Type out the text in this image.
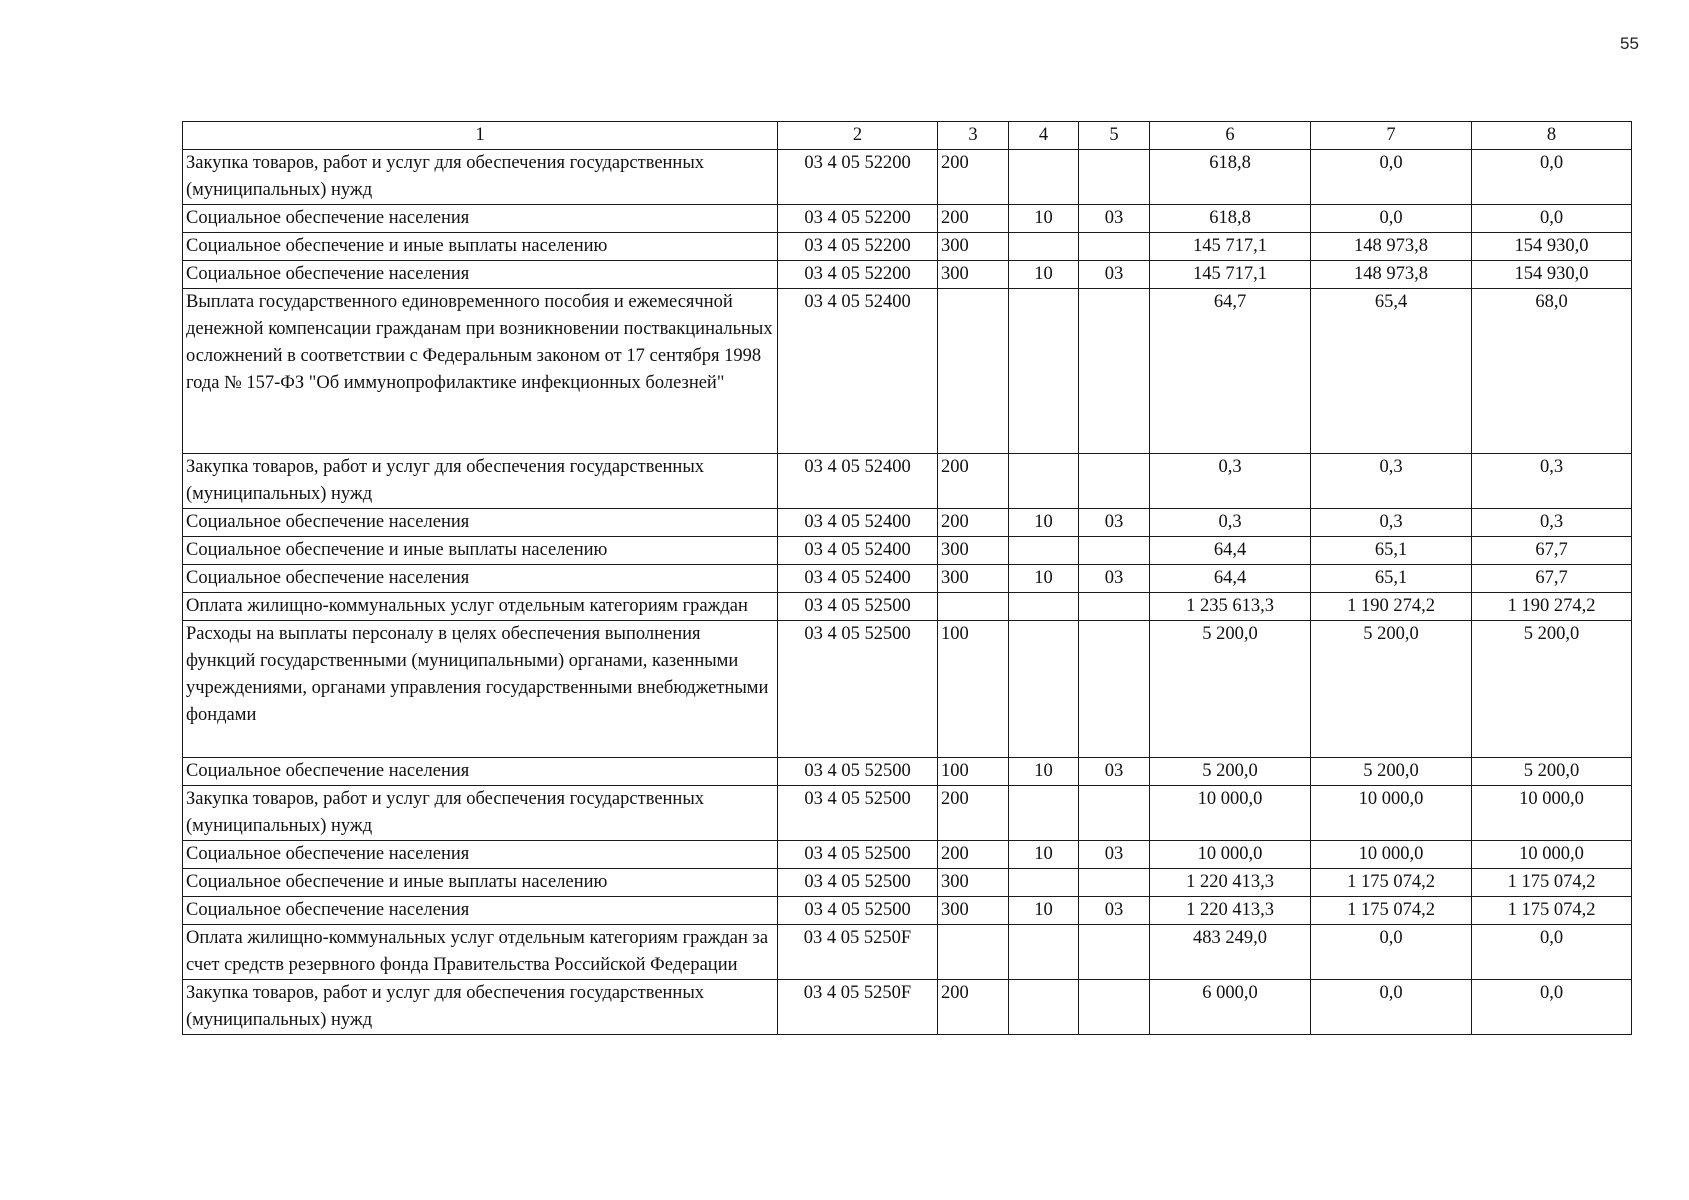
55
1	2	3	4	5	6	7	8
Закупка товаров, работ и услуг для обеспечения государственных (муниципальных) нужд	03 4 05 52200	200			618,8	0,0	0,0
Социальное обеспечение населения	03 4 05 52200	200	10	03	618,8	0,0	0,0
Социальное обеспечение и иные выплаты населению	03 4 05 52200	300			145 717,1	148 973,8	154 930,0
Социальное обеспечение населения	03 4 05 52200	300	10	03	145 717,1	148 973,8	154 930,0
Выплата государственного единовременного пособия и ежемесячной денежной компенсации гражданам при возникновении поствакцинальных осложнений в соответствии с Федеральным законом от 17 сентября 1998 года № 157-ФЗ "Об иммунопрофилактике инфекционных болезней"	03 4 05 52400				64,7	65,4	68,0
Закупка товаров, работ и услуг для обеспечения государственных (муниципальных) нужд	03 4 05 52400	200			0,3	0,3	0,3
Социальное обеспечение населения	03 4 05 52400	200	10	03	0,3	0,3	0,3
Социальное обеспечение и иные выплаты населению	03 4 05 52400	300			64,4	65,1	67,7
Социальное обеспечение населения	03 4 05 52400	300	10	03	64,4	65,1	67,7
Оплата жилищно-коммунальных услуг отдельным категориям граждан	03 4 05 52500				1 235 613,3	1 190 274,2	1 190 274,2
Расходы на выплаты персоналу в целях обеспечения выполнения функций государственными (муниципальными) органами, казенными учреждениями, органами управления государственными внебюджетными фондами	03 4 05 52500	100			5 200,0	5 200,0	5 200,0
Социальное обеспечение населения	03 4 05 52500	100	10	03	5 200,0	5 200,0	5 200,0
Закупка товаров, работ и услуг для обеспечения государственных (муниципальных) нужд	03 4 05 52500	200			10 000,0	10 000,0	10 000,0
Социальное обеспечение населения	03 4 05 52500	200	10	03	10 000,0	10 000,0	10 000,0
Социальное обеспечение и иные выплаты населению	03 4 05 52500	300			1 220 413,3	1 175 074,2	1 175 074,2
Социальное обеспечение населения	03 4 05 52500	300	10	03	1 220 413,3	1 175 074,2	1 175 074,2
Оплата жилищно-коммунальных услуг отдельным категориям граждан за счет средств резервного фонда Правительства Российской Федерации	03 4 05 5250F				483 249,0	0,0	0,0
Закупка товаров, работ и услуг для обеспечения государственных (муниципальных) нужд	03 4 05 5250F	200			6 000,0	0,0	0,0
